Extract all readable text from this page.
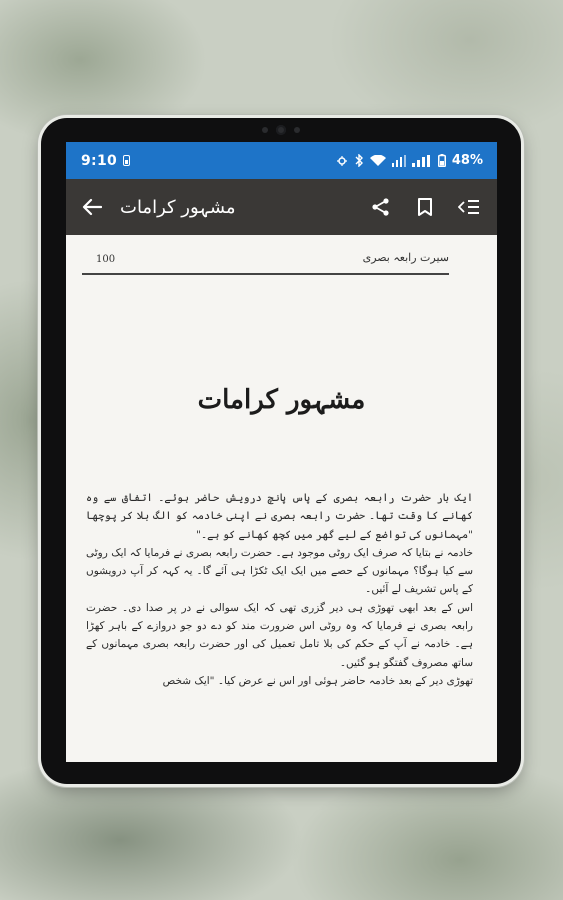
9:10	48%
مشہور کرامات
100	سیرت رابعہ بصری
مشہور کرامات

ایک بار حضرت رابعہ بصری کے پاس پانچ درویش حاضر ہوئے۔ اتفاق سے وہ کھانے کا وقت تھا۔ حضرت رابعہ بصری نے اپنی خادمہ کو الگ بلا کر پوچھا "مہمانوں کی تواضع کے لیے گھر میں کچھ کھانے کو ہے۔"

خادمہ نے بتایا کہ صرف ایک روٹی موجود ہے۔ حضرت رابعہ بصری نے فرمایا کہ ایک روٹی سے کیا ہوگا؟ مہمانوں کے حصے میں ایک ایک ٹکڑا ہی آئے گا۔ یہ کہہ کر آپ درویشوں کے پاس تشریف لے آئیں۔

اس کے بعد ابھی تھوڑی ہی دیر گزری تھی کہ ایک سوالی نے در پر صدا دی۔ حضرت رابعہ بصری نے فرمایا کہ وہ روٹی اس ضرورت مند کو دے دو جو دروازے کے باہر کھڑا ہے۔ خادمہ نے آپ کے حکم کی بلا تامل تعمیل کی اور حضرت رابعہ بصری مہمانوں کے ساتھ مصروف گفتگو ہو گئیں۔

تھوڑی دیر کے بعد خادمہ حاضر ہوئی اور اس نے عرض کیا۔ "ایک شخص
